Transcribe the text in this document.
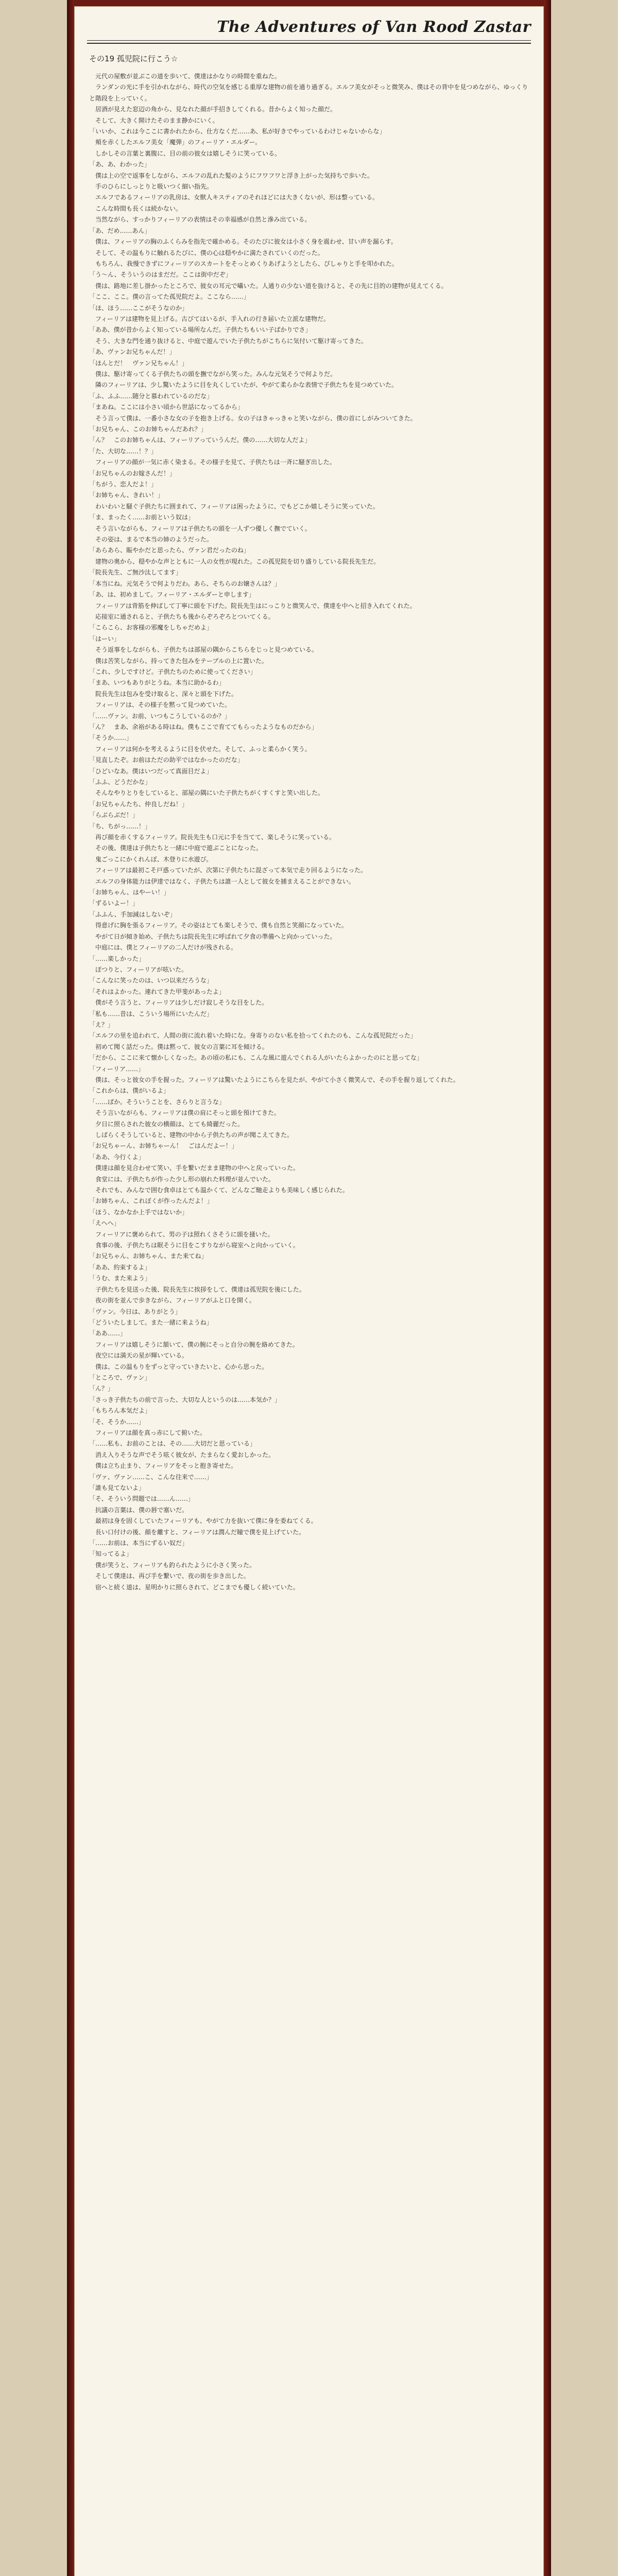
The Adventures of Van Rood Zastar
その19 孤児院に行こう☆

　元代の屋敷が並ぶこの道を歩いて、僕達はかなりの時間を重ねた。

　ランダンの光に手を引かれながら、時代の空気を感じる重厚な建物の前を通り過ぎる。エルフ美女がそっと微笑み、僕はその背中を見つめながら、ゆっくりと階段を上っていく。

　居酒が見えた窓辺の角から、見なれた顔が手招きしてくれる。昔からよく知った顔だ。

　そして、大きく開けたそのまま静かにいく。

「いいか、これは今ここに書かれたから、仕方なくだ……あ、私が好きでやっているわけじゃないからな」

　頬を赤くしたエルフ美女「魔弾」のフィーリア・エルダー。

　しかしその言葉と裏腹に、目の前の彼女は嬉しそうに笑っている。

「あ、あ、わかった」

　僕は上の空で返事をしながら、エルフの乱れた髪のようにフワフワと浮き上がった気持ちで歩いた。

　手のひらにしっとりと吸いつく細い指先。

　エルフであるフィーリアの乳房は、女獣人キスティアのそれほどには大きくないが、形は整っている。

　こんな時間も長くは続かない。

　当然ながら、すっかりフィーリアの表情はその幸福感が自然と滲み出ている。

「あ、だめ……あん」

　僕は、フィーリアの胸のふくらみを指先で確かめる。そのたびに彼女は小さく身を震わせ、甘い声を漏らす。

　そして、その温もりに触れるたびに、僕の心は穏やかに満たされていくのだった。

　もちろん、我慢できずにフィーリアのスカートをそっとめくりあげようとしたら、ぴしゃりと手を叩かれた。

「う〜ん、そういうのはまだだ。ここは街中だぞ」

　僕は、路地に差し掛かったところで、彼女の耳元で囁いた。人通りの少ない道を抜けると、その先に目的の建物が見えてくる。

「ここ、ここ。僕の言ってた孤児院だよ。ここなら……」

「ほ、ほう……ここがそうなのか」

　フィーリアは建物を見上げる。古びてはいるが、手入れの行き届いた立派な建物だ。

「ああ、僕が昔からよく知っている場所なんだ。子供たちもいい子ばかりでさ」

　そう、大きな門を通り抜けると、中庭で遊んでいた子供たちがこちらに気付いて駆け寄ってきた。

「あ、ヴァンお兄ちゃんだ！」

「ほんとだ！　ヴァン兄ちゃん！」

　僕は、駆け寄ってくる子供たちの頭を撫でながら笑った。みんな元気そうで何よりだ。

　隣のフィーリアは、少し驚いたように目を丸くしていたが、やがて柔らかな表情で子供たちを見つめていた。

「ふ、ふふ……随分と慕われているのだな」

「まあね。ここには小さい頃から世話になってるから」

　そう言って僕は、一番小さな女の子を抱き上げる。女の子はきゃっきゃと笑いながら、僕の首にしがみついてきた。

「お兄ちゃん、このお姉ちゃんだあれ？」

「ん？　このお姉ちゃんは、フィーリアっていうんだ。僕の……大切な人だよ」

「た、大切な……！？」

　フィーリアの顔が一気に赤く染まる。その様子を見て、子供たちは一斉に騒ぎ出した。

「お兄ちゃんのお嫁さんだ！」

「ちがう、恋人だよ！」

「お姉ちゃん、きれい！」

　わいわいと騒ぐ子供たちに囲まれて、フィーリアは困ったように、でもどこか嬉しそうに笑っていた。

「ま、まったく……お前という奴は」

　そう言いながらも、フィーリアは子供たちの頭を一人ずつ優しく撫でていく。

　その姿は、まるで本当の姉のようだった。

「あらあら、賑やかだと思ったら、ヴァン君だったのね」

　建物の奥から、穏やかな声とともに一人の女性が現れた。この孤児院を切り盛りしている院長先生だ。

「院長先生、ご無沙汰してます」

「本当にね。元気そうで何よりだわ。あら、そちらのお嬢さんは？」

「あ、は、初めまして。フィーリア・エルダーと申します」

　フィーリアは背筋を伸ばして丁寧に頭を下げた。院長先生はにっこりと微笑んで、僕達を中へと招き入れてくれた。

　応接室に通されると、子供たちも後からぞろぞろとついてくる。

「こらこら、お客様の邪魔をしちゃだめよ」

「はーい」

　そう返事をしながらも、子供たちは部屋の隅からこちらをじっと見つめている。

　僕は苦笑しながら、持ってきた包みをテーブルの上に置いた。

「これ、少しですけど。子供たちのために使ってください」

「まあ、いつもありがとうね。本当に助かるわ」

　院長先生は包みを受け取ると、深々と頭を下げた。

　フィーリアは、その様子を黙って見つめていた。

「……ヴァン。お前、いつもこうしているのか？」

「ん？　まあ、余裕がある時はね。僕もここで育ててもらったようなものだから」

「そうか……」

　フィーリアは何かを考えるように目を伏せた。そして、ふっと柔らかく笑う。

「見直したぞ。お前はただの助平ではなかったのだな」

「ひどいなあ。僕はいつだって真面目だよ」

「ふふ、どうだかな」

　そんなやりとりをしていると、部屋の隅にいた子供たちがくすくすと笑い出した。

「お兄ちゃんたち、仲良しだね！」

「らぶらぶだ！」

「ち、ちがっ……！」

　再び顔を赤くするフィーリア。院長先生も口元に手を当てて、楽しそうに笑っている。

　その後、僕達は子供たちと一緒に中庭で遊ぶことになった。

　鬼ごっこにかくれんぼ、木登りに水遊び。

　フィーリアは最初こそ戸惑っていたが、次第に子供たちに混ざって本気で走り回るようになった。

　エルフの身体能力は伊達ではなく、子供たちは誰一人として彼女を捕まえることができない。

「お姉ちゃん、はやーい！」

「ずるいよー！」

「ふふん、手加減はしないぞ」

　得意げに胸を張るフィーリア。その姿はとても楽しそうで、僕も自然と笑顔になっていた。

　やがて日が傾き始め、子供たちは院長先生に呼ばれて夕食の準備へと向かっていった。

　中庭には、僕とフィーリアの二人だけが残される。

「……楽しかった」

　ぽつりと、フィーリアが呟いた。

「こんなに笑ったのは、いつ以来だろうな」

「それはよかった。連れてきた甲斐があったよ」

　僕がそう言うと、フィーリアは少しだけ寂しそうな目をした。

「私も……昔は、こういう場所にいたんだ」

「え？」

「エルフの里を追われて、人間の街に流れ着いた時にな。身寄りのない私を拾ってくれたのも、こんな孤児院だった」

　初めて聞く話だった。僕は黙って、彼女の言葉に耳を傾ける。

「だから、ここに来て懐かしくなった。あの頃の私にも、こんな風に遊んでくれる人がいたらよかったのにと思ってな」

「フィーリア……」

　僕は、そっと彼女の手を握った。フィーリアは驚いたようにこちらを見たが、やがて小さく微笑んで、その手を握り返してくれた。

「これからは、僕がいるよ」

「……ばか。そういうことを、さらりと言うな」

　そう言いながらも、フィーリアは僕の肩にそっと頭を預けてきた。

　夕日に照らされた彼女の横顔は、とても綺麗だった。

　しばらくそうしていると、建物の中から子供たちの声が聞こえてきた。

「お兄ちゃーん、お姉ちゃーん！　ごはんだよー！」

「ああ、今行くよ」

　僕達は顔を見合わせて笑い、手を繋いだまま建物の中へと戻っていった。

　食堂には、子供たちが作った少し形の崩れた料理が並んでいた。

　それでも、みんなで囲む食卓はとても温かくて、どんなご馳走よりも美味しく感じられた。

「お姉ちゃん、これぼくが作ったんだよ！」

「ほう、なかなか上手ではないか」

「えへへ」

　フィーリアに褒められて、男の子は照れくさそうに頭を掻いた。

　食事の後、子供たちは眠そうに目をこすりながら寝室へと向かっていく。

「お兄ちゃん、お姉ちゃん、また来てね」

「ああ、約束するよ」

「うむ、また来よう」

　子供たちを見送った後、院長先生に挨拶をして、僕達は孤児院を後にした。

　夜の街を並んで歩きながら、フィーリアがふと口を開く。

「ヴァン。今日は、ありがとう」

「どういたしまして。また一緒に来ようね」

「ああ……」

　フィーリアは嬉しそうに頷いて、僕の腕にそっと自分の腕を絡めてきた。

　夜空には満天の星が輝いている。

　僕は、この温もりをずっと守っていきたいと、心から思った。

「ところで、ヴァン」

「ん？」

「さっき子供たちの前で言った、大切な人というのは……本気か？」

「もちろん本気だよ」

「そ、そうか……」

　フィーリアは顔を真っ赤にして俯いた。

「……私も、お前のことは、その……大切だと思っている」

　消え入りそうな声でそう呟く彼女が、たまらなく愛おしかった。

　僕は立ち止まり、フィーリアをそっと抱き寄せた。

「ヴァ、ヴァン……こ、こんな往来で……」

「誰も見てないよ」

「そ、そういう問題では……ん……」

　抗議の言葉は、僕の唇で塞いだ。

　最初は身を固くしていたフィーリアも、やがて力を抜いて僕に身を委ねてくる。

　長い口付けの後、顔を離すと、フィーリアは潤んだ瞳で僕を見上げていた。

「……お前は、本当にずるい奴だ」

「知ってるよ」

　僕が笑うと、フィーリアも釣られたように小さく笑った。

　そして僕達は、再び手を繋いで、夜の街を歩き出した。

　宿へと続く道は、星明かりに照らされて、どこまでも優しく続いていた。
